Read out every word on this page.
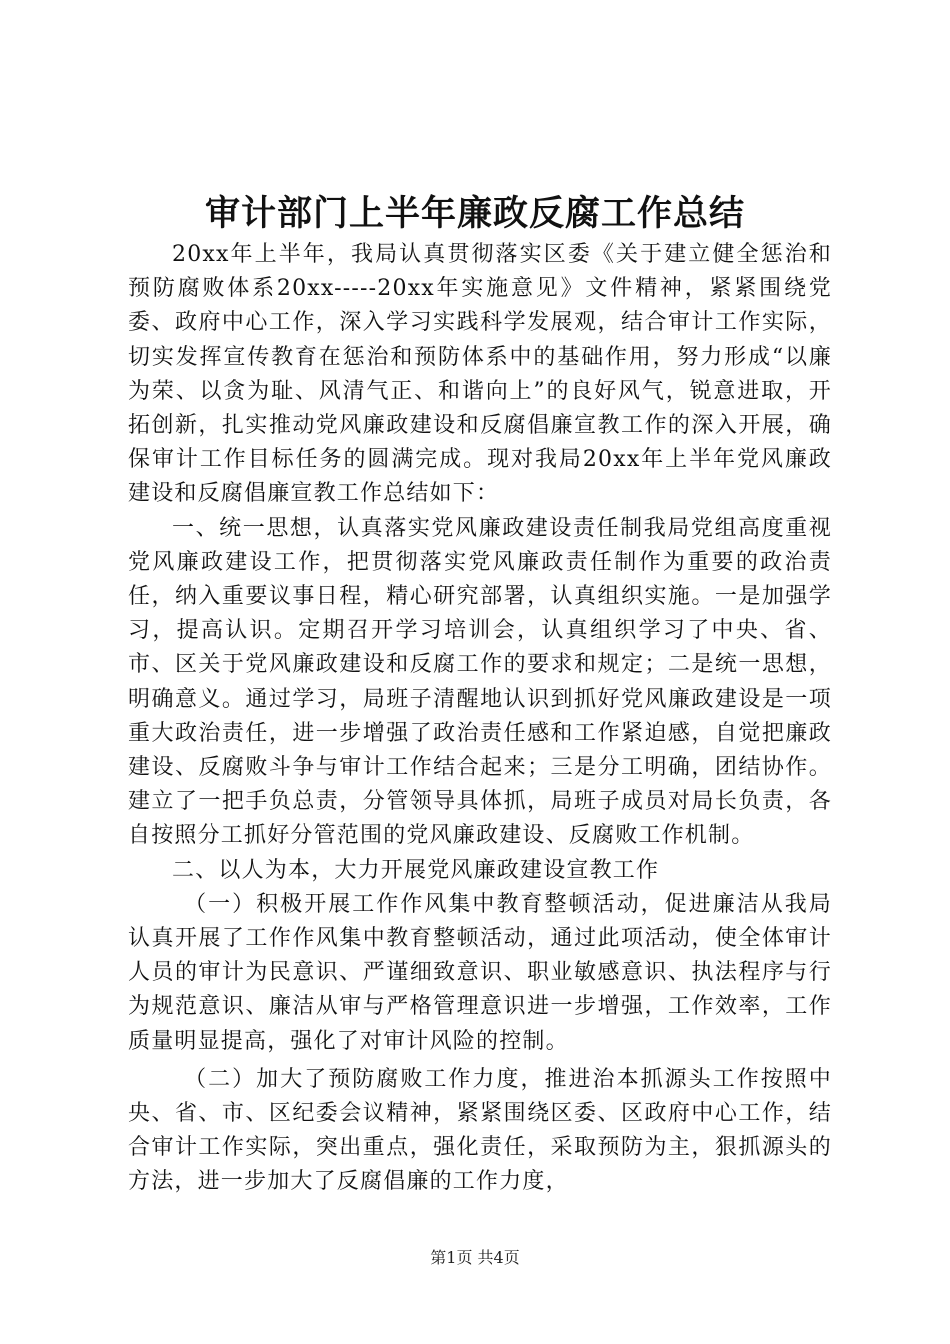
审计部门上半年廉政反腐工作总结

20xx年上半年，我局认真贯彻落实区委《关于建立健全惩治和预防腐败体系20xx-----20xx年实施意见》文件精神，紧紧围绕党委、政府中心工作，深入学习实践科学发展观，结合审计工作实际，切实发挥宣传教育在惩治和预防体系中的基础作用，努力形成“以廉为荣、以贪为耻、风清气正、和谐向上”的良好风气，锐意进取，开拓创新，扎实推动党风廉政建设和反腐倡廉宣教工作的深入开展，确保审计工作目标任务的圆满完成。现对我局20xx年上半年党风廉政建设和反腐倡廉宣教工作总结如下：

一、统一思想，认真落实党风廉政建设责任制我局党组高度重视党风廉政建设工作，把贯彻落实党风廉政责任制作为重要的政治责任，纳入重要议事日程，精心研究部署，认真组织实施。一是加强学习，提高认识。定期召开学习培训会，认真组织学习了中央、省、市、区关于党风廉政建设和反腐工作的要求和规定；二是统一思想，明确意义。通过学习，局班子清醒地认识到抓好党风廉政建设是一项重大政治责任，进一步增强了政治责任感和工作紧迫感，自觉把廉政建设、反腐败斗争与审计工作结合起来；三是分工明确，团结协作。建立了一把手负总责，分管领导具体抓，局班子成员对局长负责，各自按照分工抓好分管范围的党风廉政建设、反腐败工作机制。

二、以人为本，大力开展党风廉政建设宣教工作

（一）积极开展工作作风集中教育整顿活动，促进廉洁从我局认真开展了工作作风集中教育整顿活动，通过此项活动，使全体审计人员的审计为民意识、严谨细致意识、职业敏感意识、执法程序与行为规范意识、廉洁从审与严格管理意识进一步增强，工作效率，工作质量明显提高，强化了对审计风险的控制。

（二）加大了预防腐败工作力度，推进治本抓源头工作按照中央、省、市、区纪委会议精神，紧紧围绕区委、区政府中心工作，结合审计工作实际，突出重点，强化责任，采取预防为主，狠抓源头的方法，进一步加大了反腐倡廉的工作力度，

第1页 共4页
